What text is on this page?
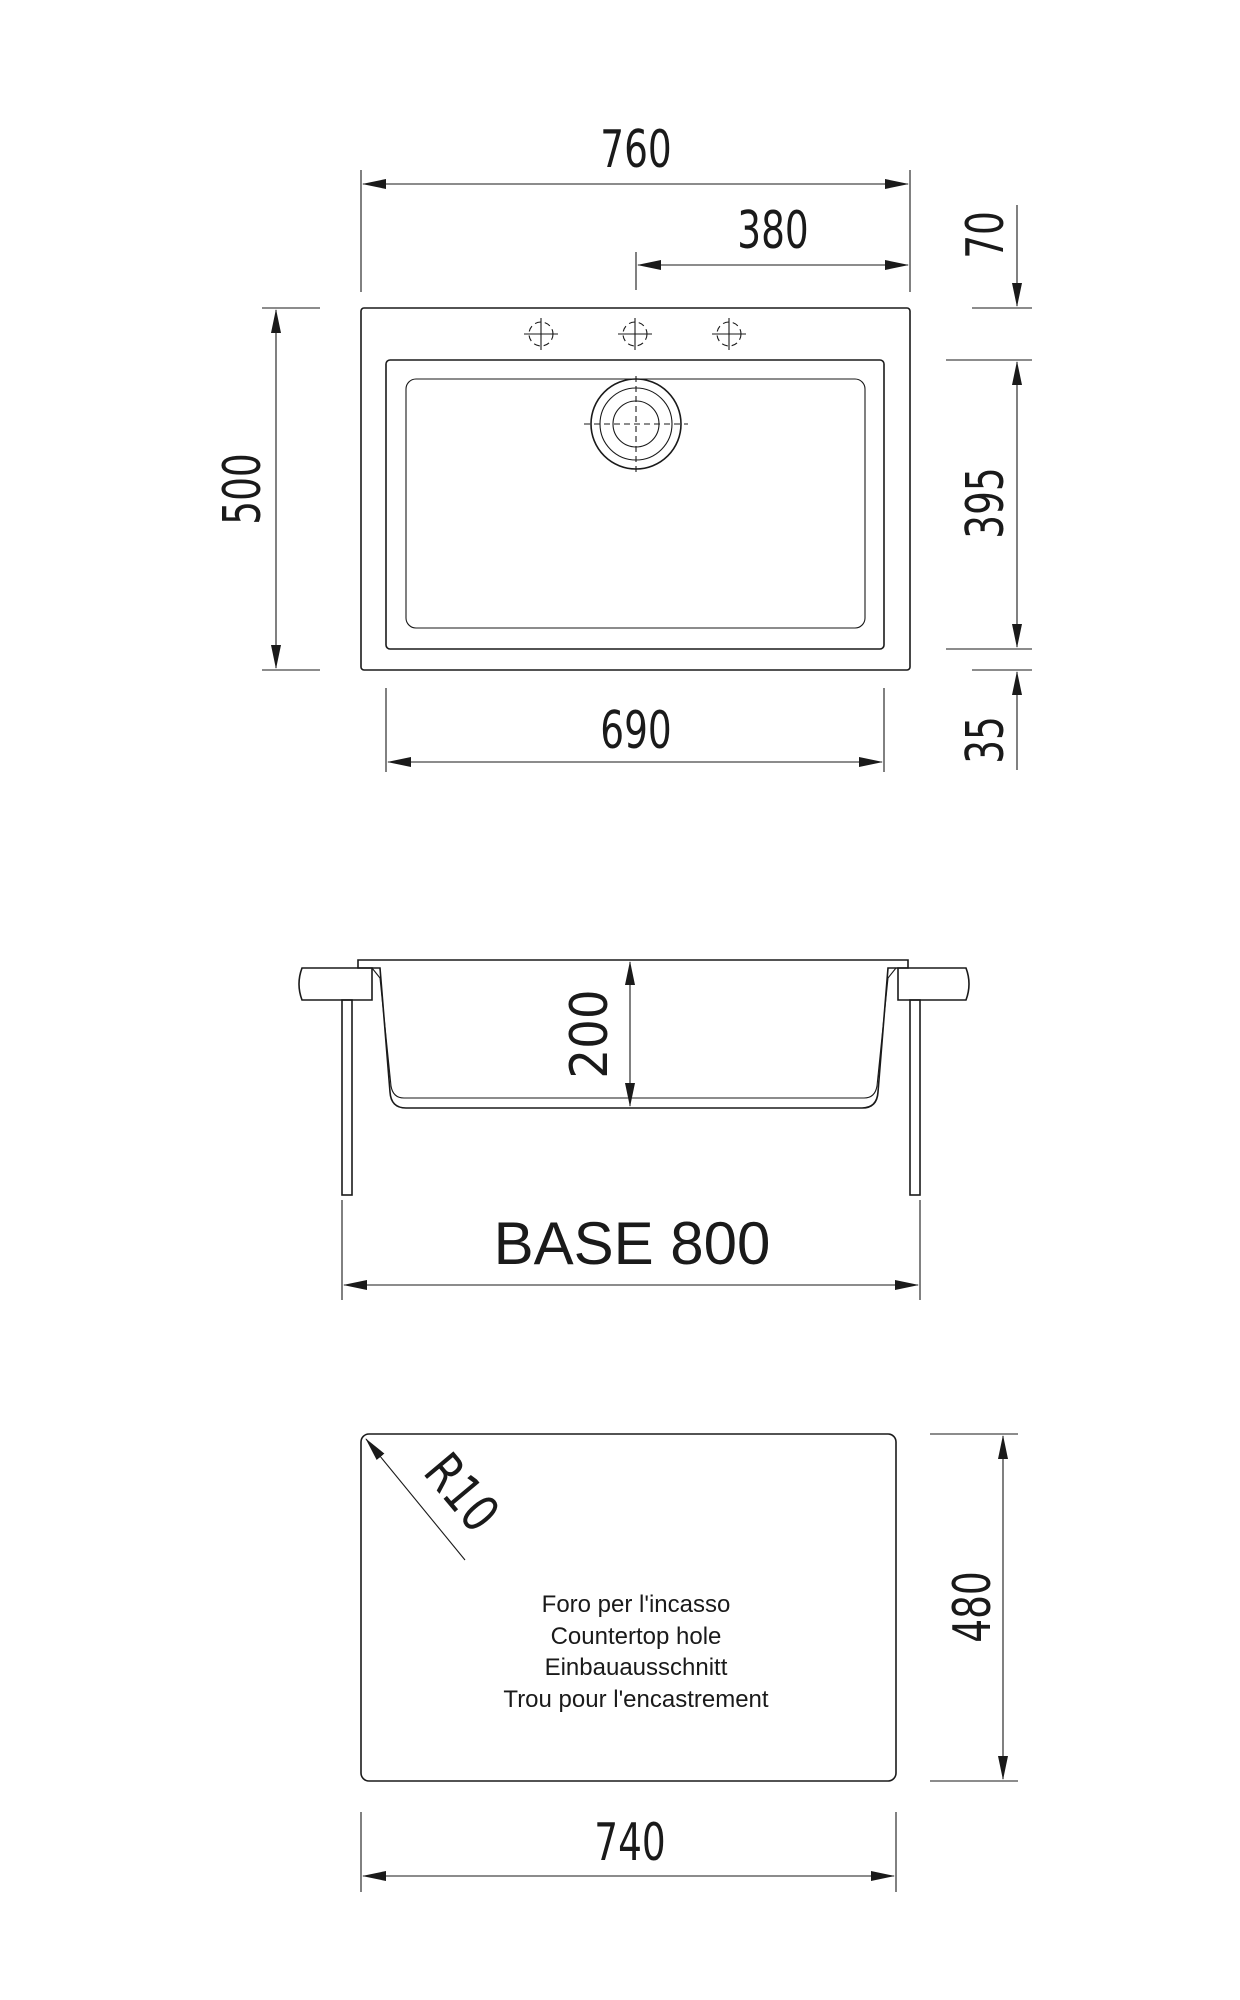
760
380
500
690
70
395
35
200
BASE 800
R10
Foro per l'incasso
Countertop hole
Einbauausschnitt
Trou pour l'encastrement
480
740
